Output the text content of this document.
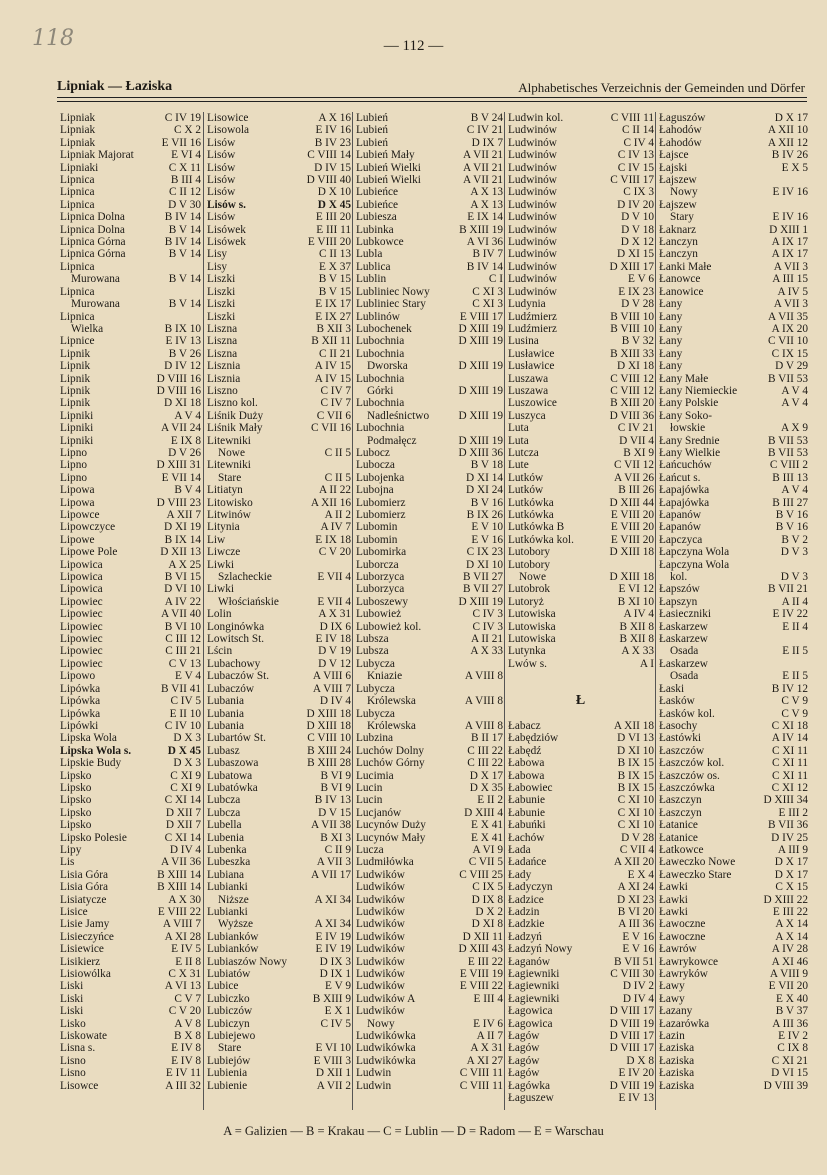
118	— 112 —
Lipniak — Łaziska	Alphabetisches Verzeichnis der Gemeinden und Dörfer
Lipniak	C IV 19
Lipniak	C X 2
Lipniak	E VII 16
Lipniak Majorat	E VI 4
Lipniaki	C X 11
Lipnica	B III 4
Lipnica	C II 12
Lipnica	D V 30
Lipnica Dolna	B IV 14
Lipnica Dolna	B V 14
Lipnica Górna	B IV 14
Lipnica Górna	B V 14
Lipnica
Murowana	B V 14
Lipnica
Murowana	B V 14
Lipnica
Wielka	B IX 10
Lipnice	E IV 13
Lipnik	B V 26
Lipnik	D IV 12
Lipnik	D VIII 16
Lipnik	D VIII 16
Lipnik	D XI 18
Lipniki	A V 4
Lipniki	A VII 24
Lipniki	E IX 8
Lipno	D V 26
Lipno	D XIII 31
Lipno	E VII 14
Lipowa	B V 4
Lipowa	D VIII 23
Lipowce	A XII 7
Lipowczyce	D XI 19
Lipowe	B IX 14
Lipowe Pole	D XII 13
Lipowica	A X 25
Lipowica	B VI 15
Lipowica	D VI 10
Lipowiec	A IV 22
Lipowiec	A VII 40
Lipowiec	B VI 10
Lipowiec	C III 12
Lipowiec	C III 21
Lipowiec	C V 13
Lipowo	E V 4
Lipówka	B VII 41
Lipówka	C IV 5
Lipówka	E II 10
Lipówki	C IV 10
Lipska Wola	D X 3
Lipska Wola s.	D X 45
Lipskie Budy	D X 3
Lipsko	C XI 9
Lipsko	C XI 9
Lipsko	C XI 14
Lipsko	D XII 7
Lipsko	D XII 7
Lipsko Polesie	C XI 14
Lipy	D IV 4
Lis	A VII 36
Lisia Góra	B XIII 14
Lisia Góra	B XIII 14
Lisiatycze	A X 30
Lisice	E VIII 22
Lisie Jamy	A VIII 7
Lisieczyńce	A XI 28
Lisiewice	E IV 5
Lisikierz	E II 8
Lisiowólka	C X 31
Liski	A VI 13
Liski	C V 7
Liski	C V 20
Lisko	A V 8
Liskowate	B X 8
Lisna s.	E IV 8
Lisno	E IV 8
Lisno	E IV 11
Lisowce	A III 32
Lisowice	A X 16
Lisowola	E IV 16
Lisów	B IV 23
Lisów	C VIII 14
Lisów	D IV 15
Lisów	D VIII 40
Lisów	D X 10
Lisów s.	D X 45
Lisów	E III 20
Lisówek	E III 11
Lisówek	E VIII 20
Lisy	C II 13
Lisy	E X 37
Liszki	B V 15
Liszki	B V 15
Liszki	E IX 17
Liszki	E IX 27
Liszna	B XII 3
Liszna	B XII 11
Liszna	C II 21
Lisznia	A IV 15
Lisznia	A IV 15
Liszno	C IV 7
Liszno kol.	C IV 7
Liśnik Duży	C VII 6
Liśnik Mały	C VII 16
Litewniki
Nowe	C II 5
Litewniki
Stare	C II 5
Litiatyn	A II 22
Litowisko	A XII 16
Litwinów	A II 2
Litynia	A IV 7
Liw	E IX 18
Liwcze	C V 20
Liwki
Szlacheckie	E VII 4
Liwki
Włościańskie	E VII 4
Lolin	A X 31
Longinówka	D IX 6
Lowitsch St.	E IV 18
Lścin	D V 19
Lubachowy	D V 12
Lubaczów St.	A VIII 6
Lubaczów	A VIII 7
Lubania	D IV 4
Lubania	D XIII 18
Lubania	D XIII 18
Lubartów St.	C VIII 10
Lubasz	B XIII 24
Lubaszowa	B XIII 28
Lubatowa	B VI 9
Lubatówka	B VI 9
Lubcza	B IV 13
Lubcza	D V 15
Lubella	A VII 38
Lubenia	B XI 3
Lubenka	C II 9
Lubeszka	A VII 3
Lubiana	A VII 17
Lubianki
Niższe	A XI 34
Lubianki
Wyższe	A XI 34
Lubianków	E IV 19
Lubianków	E IV 19
Lubiaszów Nowy	D IX 3
Lubiatów	D IX 1
Lubice	E V 9
Lubiczko	B XIII 9
Lubiczów	E X 1
Lubiczyn	C IV 5
Lubiejewo
Stare	E VI 10
Lubiejów	E VIII 3
Lubienia	D XII 1
Lubienie	A VII 2
Lubień	B V 24
Lubień	C IV 21
Lubień	D IX 7
Lubień Mały	A VII 21
Lubień Wielki	A VII 21
Lubień Wielki	A VII 21
Lubieńce	A X 13
Lubieńce	A X 13
Lubiesza	E IX 14
Lubinka	B XIII 19
Lubkowce	A VI 36
Lubla	B IV 7
Lublica	B IV 14
Lublin	C I
Lubliniec Nowy	C XI 3
Lubliniec Stary	C XI 3
Lublinów	E VIII 17
Lubochenek	D XIII 19
Lubochnia	D XIII 19
Lubochnia
Dworska	D XIII 19
Lubochnia
Górki	D XIII 19
Lubochnia
Nadleśnictwo	D XIII 19
Lubochnia
Podmałęcz	D XIII 19
Lubocz	D XIII 36
Lubocza	B V 18
Lubojenka	D XI 14
Lubojna	D XI 24
Lubomierz	B V 16
Lubomierz	B IX 26
Lubomin	E V 10
Lubomin	E V 16
Lubomirka	C IX 23
Luborcza	D XI 10
Luborzyca	B VII 27
Luborzyca	B VII 27
Luboszewy	D XIII 19
Lubowież	C IV 3
Lubowież kol.	C IV 3
Lubsza	A II 21
Lubsza	A X 33
Lubycza
Kniazie	A VIII 8
Lubycza
Królewska	A VIII 8
Lubycza
Królewska	A VIII 8
Lubzina	B II 17
Luchów Dolny	C III 22
Luchów Górny	C III 22
Lucimia	D X 17
Lucin	D X 35
Lucin	E II 2
Lucjanów	D XIII 4
Lucynów Duży	E X 41
Lucynów Mały	E X 41
Lucza	A VI 9
Ludmiłówka	C VII 5
Ludwików	C VIII 25
Ludwików	C IX 5
Ludwików	D IX 8
Ludwików	D X 2
Ludwików	D XI 8
Ludwików	D XII 11
Ludwików	D XIII 43
Ludwików	E III 22
Ludwików	E VIII 19
Ludwików	E VIII 22
Ludwików A	E III 4
Ludwików
Nowy	E IV 6
Ludwikówka	A II 7
Ludwikówka	A X 31
Ludwikówka	A XI 27
Ludwin	C VIII 11
Ludwin	C VIII 11
Ludwin kol.	C VIII 11
Ludwinów	C II 14
Ludwinów	C IV 4
Ludwinów	C IV 13
Ludwinów	C IV 15
Ludwinów	C VIII 17
Ludwinów	C IX 3
Ludwinów	D IV 20
Ludwinów	D V 10
Ludwinów	D V 18
Ludwinów	D X 12
Ludwinów	D XI 15
Ludwinów	D XIII 17
Ludwinów	E V 6
Ludwinów	E IX 23
Ludynia	D V 28
Ludźmierz	B VIII 10
Ludźmierz	B VIII 10
Lusina	B V 32
Lusławice	B XIII 33
Lusławice	D XI 18
Luszawa	C VIII 12
Luszawa	C VIII 12
Luszowice	B XIII 20
Luszyca	D VIII 36
Luta	C IV 21
Luta	D VII 4
Lutcza	B XI 9
Lute	C VII 12
Lutków	A VII 26
Lutków	B III 26
Lutkówka	D XIII 44
Lutkówka	E VIII 20
Lutkówka B	E VIII 20
Lutkówka kol.	E VIII 20
Lutobory	D XIII 18
Lutobory
Nowe	D XIII 18
Lutobrok	E VI 12
Lutoryż	B XI 10
Lutowiska	A IV 4
Lutowiska	B XII 8
Lutowiska	B XII 8
Lutynka	A X 33
Lwów s.	A I
Ł
Łabacz	A XII 18
Łabędziów	D VI 13
Łabędź	D XI 10
Łabowa	B IX 15
Łabowa	B IX 15
Łabowiec	B IX 15
Łabunie	C XI 10
Łabunie	C XI 10
Łabuńki	C XI 10
Łachów	D V 28
Łada	C VII 4
Ładańce	A XII 20
Łady	E X 4
Ładyczyn	A XI 24
Ładzice	D XI 23
Ładzin	B VI 20
Ładzkie	A III 36
Ładzyń	E V 16
Ładzyń Nowy	E V 16
Łaganów	B VII 51
Łagiewniki	C VIII 30
Łagiewniki	D IV 2
Łagiewniki	D IV 4
Łagowica	D VIII 17
Łagowica	D VIII 19
Łagów	D VIII 17
Łagów	D VIII 17
Łagów	D X 8
Łagów	E IV 20
Łagówka	D VIII 19
Łaguszew	E IV 13
Łaguszów	D X 17
Łahodów	A XII 10
Łahodów	A XII 12
Łajsce	B IV 26
Łajski	E X 5
Łajszew
Nowy	E IV 16
Łajszew
Stary	E IV 16
Łaknarz	D XIII 1
Łanczyn	A IX 17
Łanczyn	A IX 17
Łanki Małe	A VII 3
Łanowce	A III 15
Łanowice	A IV 5
Łany	A VII 3
Łany	A VII 35
Łany	A IX 20
Łany	C VII 10
Łany	C IX 15
Łany	D V 29
Łany Małe	B VII 53
Łany Niemieckie	A V 4
Łany Polskie	A V 4
Łany Soko-
łowskie	A X 9
Łany Średnie	B VII 53
Łany Wielkie	B VII 53
Łańcuchów	C VIII 2
Łańcut s.	B III 13
Łapajówka	A V 4
Łapajówka	B III 27
Łapanów	B V 16
Łapanów	B V 16
Łapczyca	B V 2
Łapczyna Wola	D V 3
Łapczyna Wola
kol.	D V 3
Łapszów	B VII 21
Łapszyn	A II 4
Łasieczniki	E IV 22
Łaskarzew	E II 4
Łaskarzew
Osada	E II 5
Łaskarzew
Osada	E II 5
Łaski	B IV 12
Łasków	C V 9
Łasków kol.	C V 9
Łasochy	C XI 18
Łastówki	A IV 14
Łaszczów	C XI 11
Łaszczów kol.	C XI 11
Łaszczów os.	C XI 11
Łaszczówka	C XI 12
Łaszczyn	D XIII 34
Łaszczyn	E III 2
Łatanice	B VII 36
Łatanice	D IV 25
Łatkowce	A III 9
Ławeczko Nowe	D X 17
Ławeczko Stare	D X 17
Ławki	C X 15
Ławki	D XIII 22
Ławki	E III 22
Ławoczne	A X 14
Ławoczne	A X 14
Ławrów	A IV 28
Ławrykowce	A XI 46
Ławryków	A VIII 9
Ławy	E VII 20
Ławy	E X 40
Łazany	B V 37
Łazarówka	A III 36
Łazin	E IV 2
Łaziska	C IX 8
Łaziska	C XI 21
Łaziska	D VI 15
Łaziska	D VIII 39
A = Galizien — B = Krakau — C = Lublin — D = Radom — E = Warschau
